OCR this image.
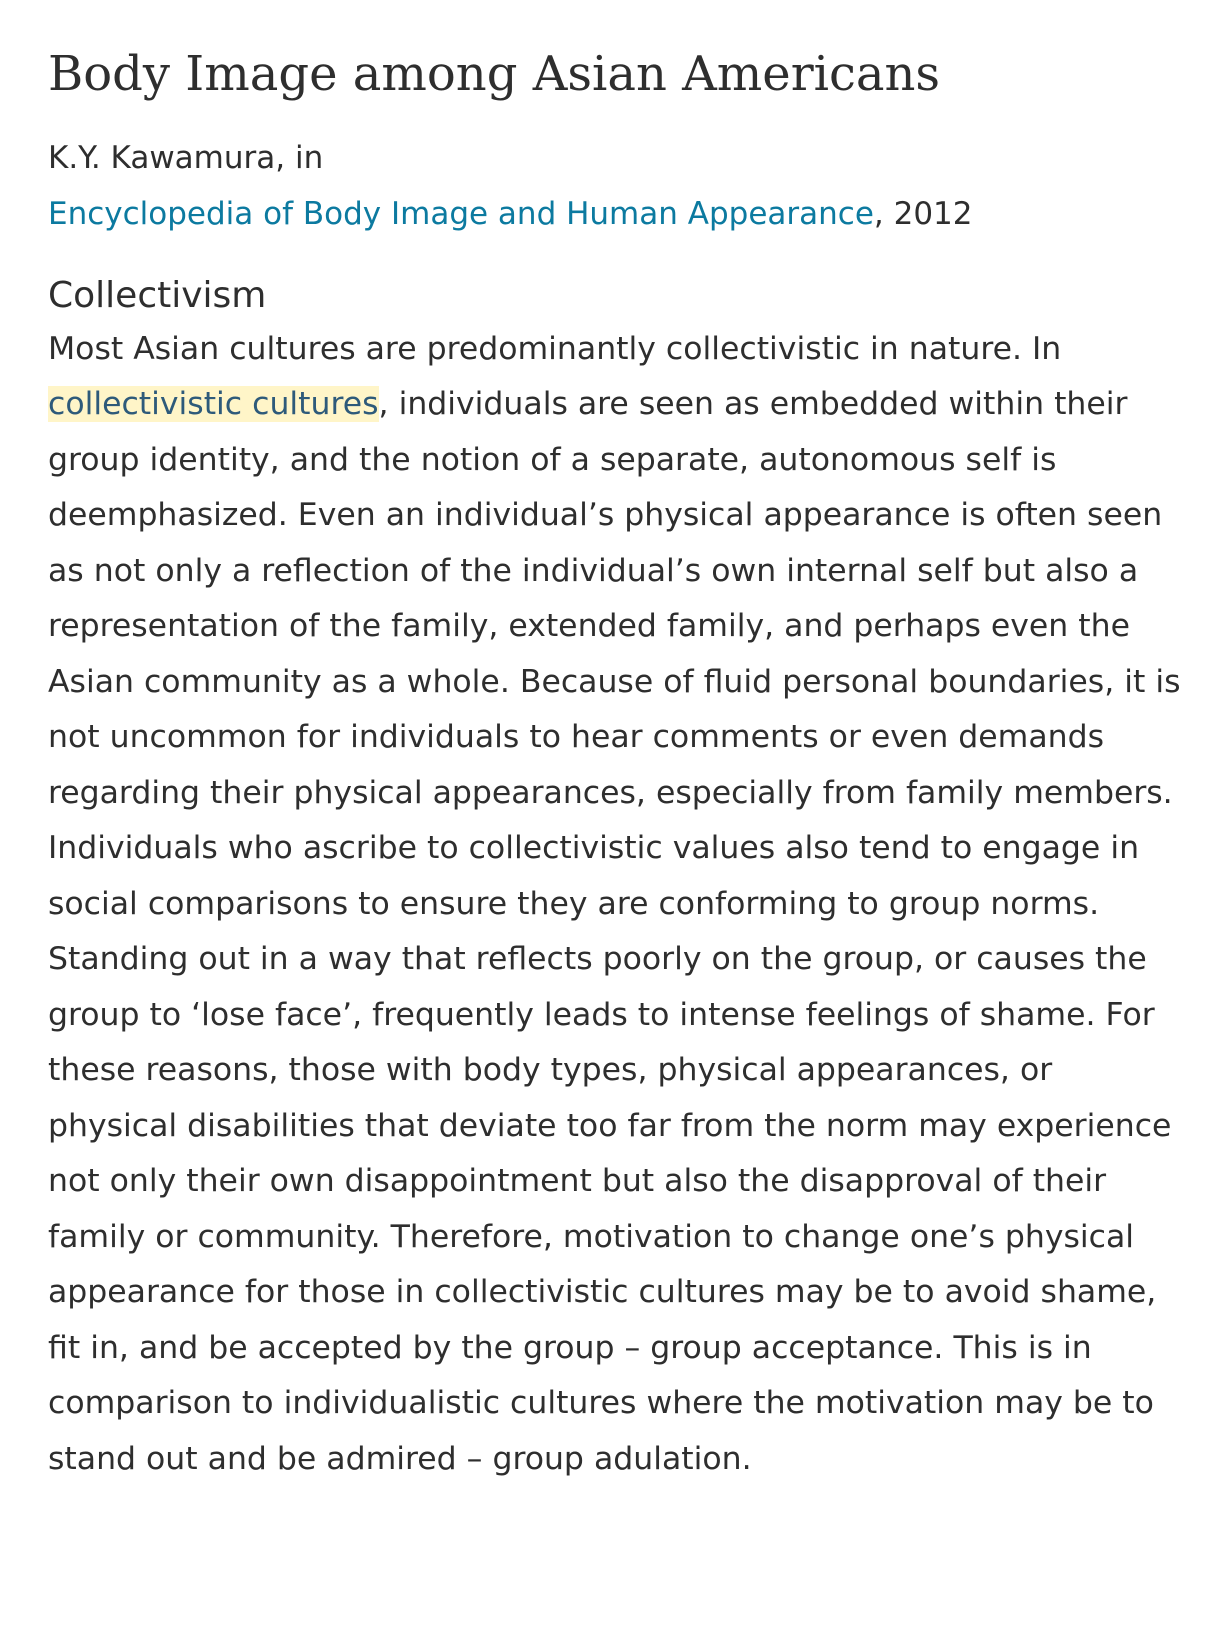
Body Image among Asian Americans
K.Y. Kawamura, in
Encyclopedia of Body Image and Human Appearance, 2012
Collectivism

Most Asian cultures are predominantly collectivistic in nature. In collectivistic cultures, individuals are seen as embedded within their group identity, and the notion of a separate, autonomous self is deemphasized. Even an individual’s physical appearance is often seen as not only a reflection of the individual’s own internal self but also a representation of the family, extended family, and perhaps even the Asian community as a whole. Because of fluid personal boundaries, it is not uncommon for individuals to hear comments or even demands regarding their physical appearances, especially from family members. Individuals who ascribe to collectivistic values also tend to engage in social comparisons to ensure they are conforming to group norms. Standing out in a way that reflects poorly on the group, or causes the group to ‘lose face’, frequently leads to intense feelings of shame. For these reasons, those with body types, physical appearances, or physical disabilities that deviate too far from the norm may experience not only their own disappointment but also the disapproval of their family or community. Therefore, motivation to change one’s physical appearance for those in collectivistic cultures may be to avoid shame, fit in, and be accepted by the group – group acceptance. This is in comparison to individualistic cultures where the motivation may be to stand out and be admired – group adulation.
